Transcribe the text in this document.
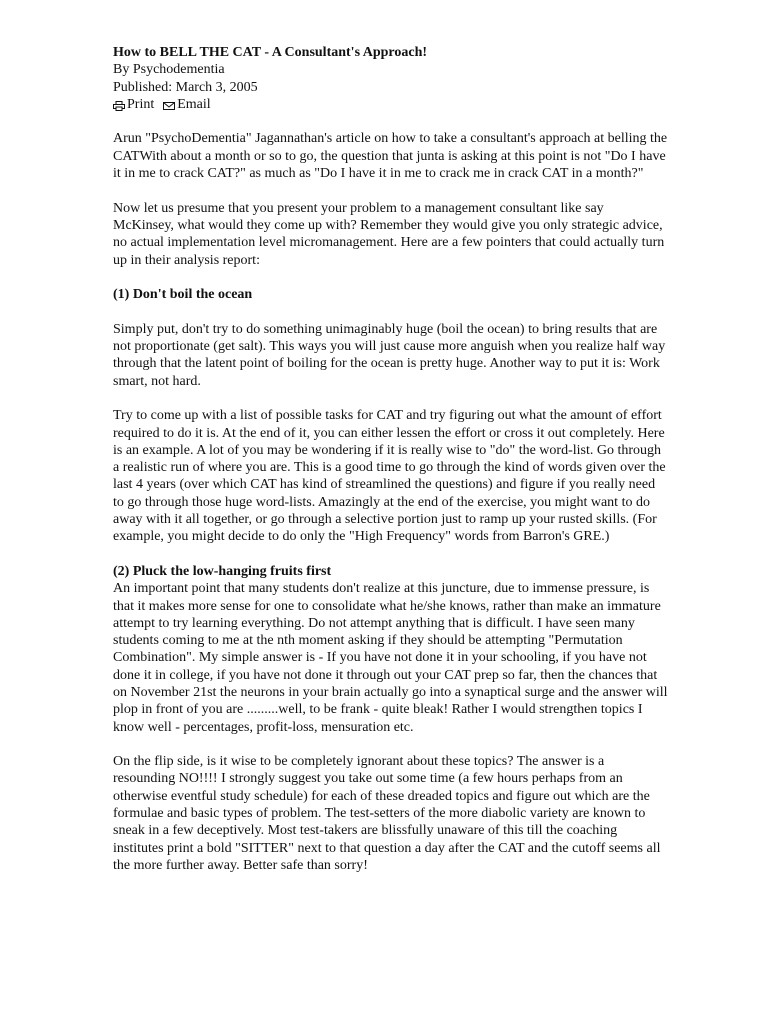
How to BELL THE CAT - A Consultant's Approach!

By Psychodementia

Published: March 3, 2005

Print Email

Arun "PsychoDementia" Jagannathan's article on how to take a consultant's approach at belling the CATWith about a month or so to go, the question that junta is asking at this point is not "Do I have it in me to crack CAT?" as much as "Do I have it in me to crack me in crack CAT in a month?"

Now let us presume that you present your problem to a management consultant like say McKinsey, what would they come up with? Remember they would give you only strategic advice, no actual implementation level micromanagement. Here are a few pointers that could actually turn up in their analysis report:

(1) Don't boil the ocean

Simply put, don't try to do something unimaginably huge (boil the ocean) to bring results that are not proportionate (get salt). This ways you will just cause more anguish when you realize half way through that the latent point of boiling for the ocean is pretty huge. Another way to put it is: Work smart, not hard.

Try to come up with a list of possible tasks for CAT and try figuring out what the amount of effort required to do it is. At the end of it, you can either lessen the effort or cross it out completely. Here is an example. A lot of you may be wondering if it is really wise to "do" the word-list. Go through a realistic run of where you are. This is a good time to go through the kind of words given over the last 4 years (over which CAT has kind of streamlined the questions) and figure if you really need to go through those huge word-lists. Amazingly at the end of the exercise, you might want to do away with it all together, or go through a selective portion just to ramp up your rusted skills. (For example, you might decide to do only the "High Frequency" words from Barron's GRE.)

(2) Pluck the low-hanging fruits first

An important point that many students don't realize at this juncture, due to immense pressure, is that it makes more sense for one to consolidate what he/she knows, rather than make an immature attempt to try learning everything. Do not attempt anything that is difficult. I have seen many students coming to me at the nth moment asking if they should be attempting "Permutation Combination". My simple answer is - If you have not done it in your schooling, if you have not done it in college, if you have not done it through out your CAT prep so far, then the chances that on November 21st the neurons in your brain actually go into a synaptical surge and the answer will plop in front of you are .........well, to be frank - quite bleak! Rather I would strengthen topics I know well - percentages, profit-loss, mensuration etc.

On the flip side, is it wise to be completely ignorant about these topics? The answer is a resounding NO!!!! I strongly suggest you take out some time (a few hours perhaps from an otherwise eventful study schedule) for each of these dreaded topics and figure out which are the formulae and basic types of problem. The test-setters of the more diabolic variety are known to sneak in a few deceptively. Most test-takers are blissfully unaware of this till the coaching institutes print a bold "SITTER" next to that question a day after the CAT and the cutoff seems all the more further away. Better safe than sorry!
